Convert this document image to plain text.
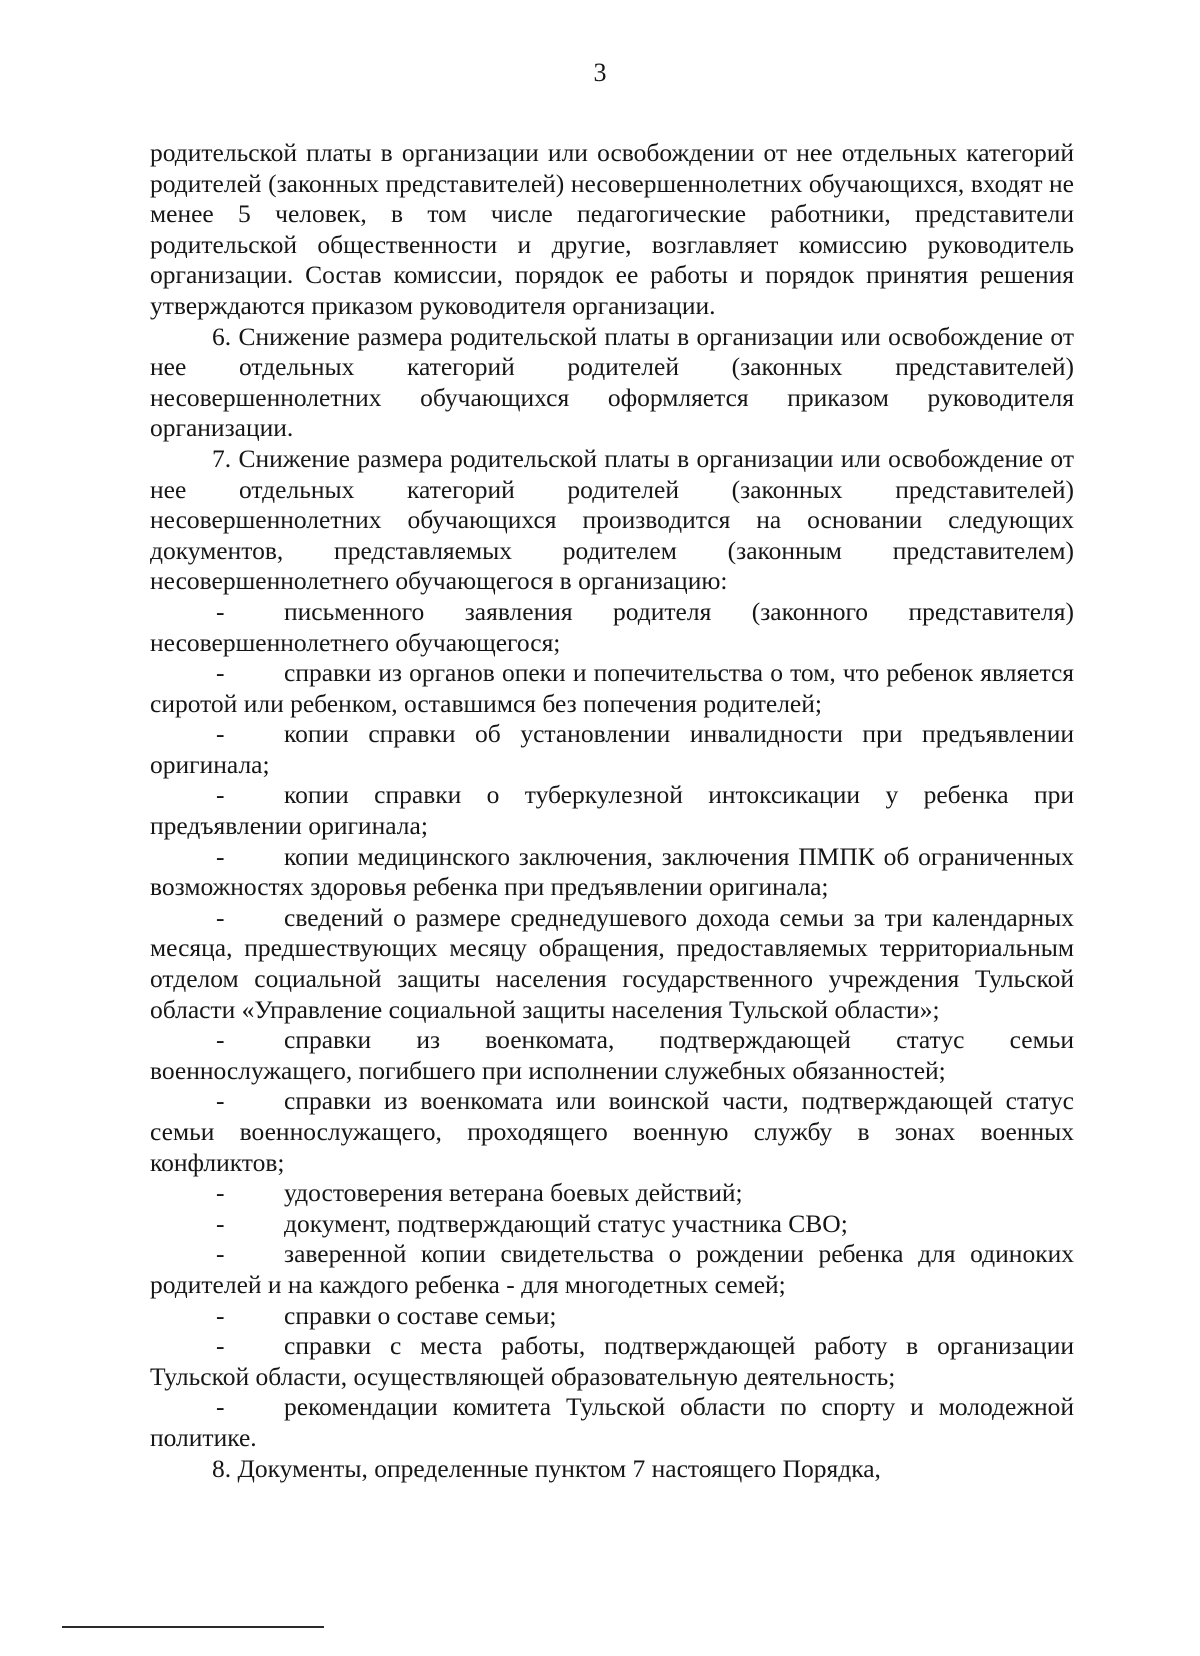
3

родительской платы в организации или освобождении от нее отдельных категорий родителей (законных представителей) несовершеннолетних обучающихся, входят не менее 5 человек, в том числе педагогические работники, представители родительской общественности и другие, возглавляет комиссию руководитель организации. Состав комиссии, порядок ее работы и порядок принятия решения утверждаются приказом руководителя организации.

6. Снижение размера родительской платы в организации или освобождение от нее отдельных категорий родителей (законных представителей) несовершеннолетних обучающихся оформляется приказом руководителя организации.

7. Снижение размера родительской платы в организации или освобождение от нее отдельных категорий родителей (законных представителей) несовершеннолетних обучающихся производится на основании следующих документов, представляемых родителем (законным представителем) несовершеннолетнего обучающегося в организацию:

- письменного заявления родителя (законного представителя) несовершеннолетнего обучающегося;

- справки из органов опеки и попечительства о том, что ребенок является сиротой или ребенком, оставшимся без попечения родителей;

- копии справки об установлении инвалидности при предъявлении оригинала;

- копии справки о туберкулезной интоксикации у ребенка при предъявлении оригинала;

- копии медицинского заключения, заключения ПМПК об ограниченных возможностях здоровья ребенка при предъявлении оригинала;

- сведений о размере среднедушевого дохода семьи за три календарных месяца, предшествующих месяцу обращения, предоставляемых территориальным отделом социальной защиты населения государственного учреждения Тульской области «Управление социальной защиты населения Тульской области»;

- справки из военкомата, подтверждающей статус семьи военнослужащего, погибшего при исполнении служебных обязанностей;

- справки из военкомата или воинской части, подтверждающей статус семьи военнослужащего, проходящего военную службу в зонах военных конфликтов;

- удостоверения ветерана боевых действий;

- документ, подтверждающий статус участника СВО;

- заверенной копии свидетельства о рождении ребенка для одиноких родителей и на каждого ребенка - для многодетных семей;

- справки о составе семьи;

- справки с места работы, подтверждающей работу в организации Тульской области, осуществляющей образовательную деятельность;

- рекомендации комитета Тульской области по спорту и молодежной политике.

8. Документы, определенные пунктом 7 настоящего Порядка,
